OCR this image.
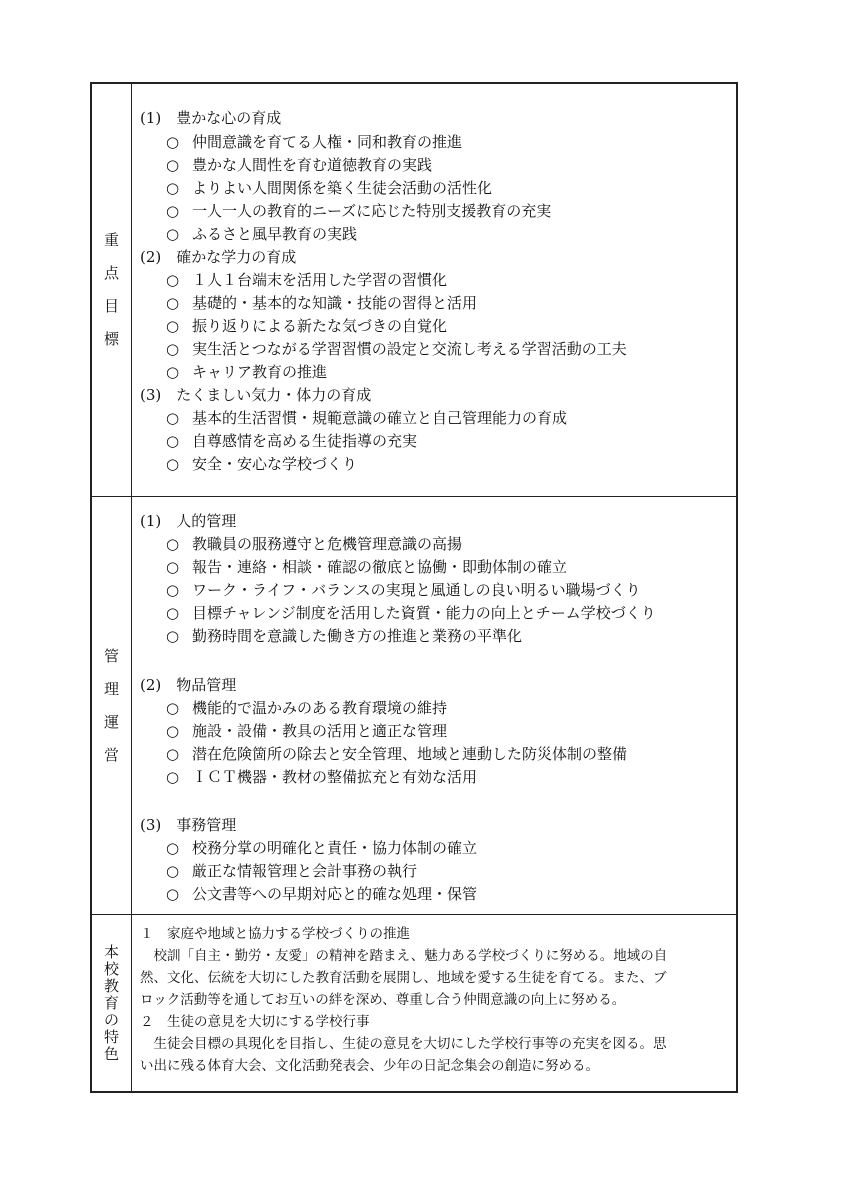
重
点
目
標
(1)　豊かな心の育成
○ 仲間意識を育てる人権・同和教育の推進
○ 豊かな人間性を育む道徳教育の実践
○ よりよい人間関係を築く生徒会活動の活性化
○ 一人一人の教育的ニーズに応じた特別支援教育の充実
○ ふるさと風早教育の実践
(2)　確かな学力の育成
○ １人１台端末を活用した学習の習慣化
○ 基礎的・基本的な知識・技能の習得と活用
○ 振り返りによる新たな気づきの自覚化
○ 実生活とつながる学習習慣の設定と交流し考える学習活動の工夫
○ キャリア教育の推進
(3)　たくましい気力・体力の育成
○ 基本的生活習慣・規範意識の確立と自己管理能力の育成
○ 自尊感情を高める生徒指導の充実
○ 安全・安心な学校づくり
管
理
運
営
(1)　人的管理
○ 教職員の服務遵守と危機管理意識の高揚
○ 報告・連絡・相談・確認の徹底と協働・即動体制の確立
○ ワーク・ライフ・バランスの実現と風通しの良い明るい職場づくり
○ 目標チャレンジ制度を活用した資質・能力の向上とチーム学校づくり
○ 勤務時間を意識した働き方の推進と業務の平準化
(2)　物品管理
○ 機能的で温かみのある教育環境の維持
○ 施設・設備・教具の活用と適正な管理
○ 潜在危険箇所の除去と安全管理、地域と連動した防災体制の整備
○ ＩＣＴ機器・教材の整備拡充と有効な活用
(3)　事務管理
○ 校務分掌の明確化と責任・協力体制の確立
○ 厳正な情報管理と会計事務の執行
○ 公文書等への早期対応と的確な処理・保管
本
校
教
育
の
特
色
１　家庭や地域と協力する学校づくりの推進
　校訓「自主・勤労・友愛」の精神を踏まえ、魅力ある学校づくりに努める。地域の自
然、文化、伝統を大切にした教育活動を展開し、地域を愛する生徒を育てる。また、ブ
ロック活動等を通してお互いの絆を深め、尊重し合う仲間意識の向上に努める。
２　生徒の意見を大切にする学校行事
　生徒会目標の具現化を目指し、生徒の意見を大切にした学校行事等の充実を図る。思
い出に残る体育大会、文化活動発表会、少年の日記念集会の創造に努める。
